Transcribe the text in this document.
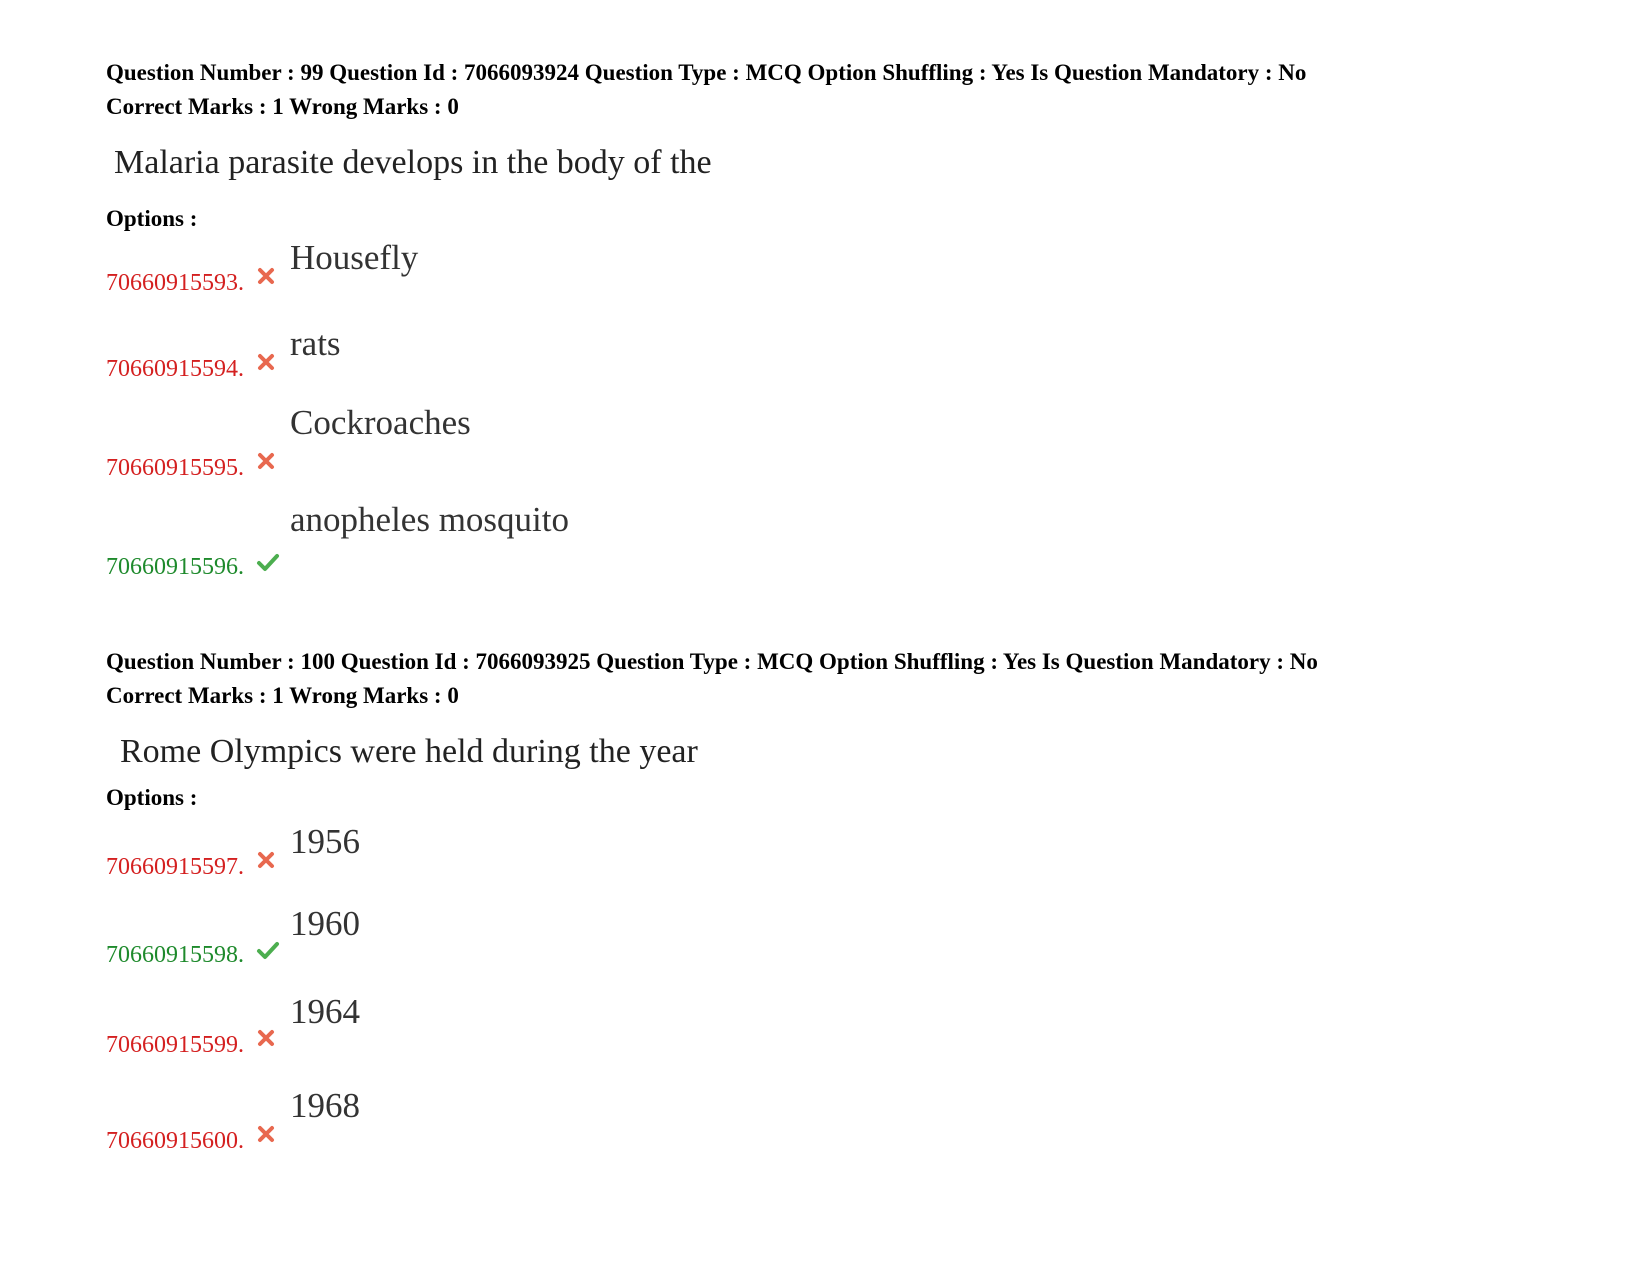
Question Number : 99 Question Id : 7066093924 Question Type : MCQ Option Shuffling : Yes Is Question Mandatory : No
Correct Marks : 1 Wrong Marks : 0
Malaria parasite develops in the body of the
Options :
70660915593.
Housefly
70660915594.
rats
70660915595.
Cockroaches
70660915596.
anopheles mosquito
Question Number : 100 Question Id : 7066093925 Question Type : MCQ Option Shuffling : Yes Is Question Mandatory : No
Correct Marks : 1 Wrong Marks : 0
Rome Olympics were held during the year
Options :
70660915597.
1956
70660915598.
1960
70660915599.
1964
70660915600.
1968
